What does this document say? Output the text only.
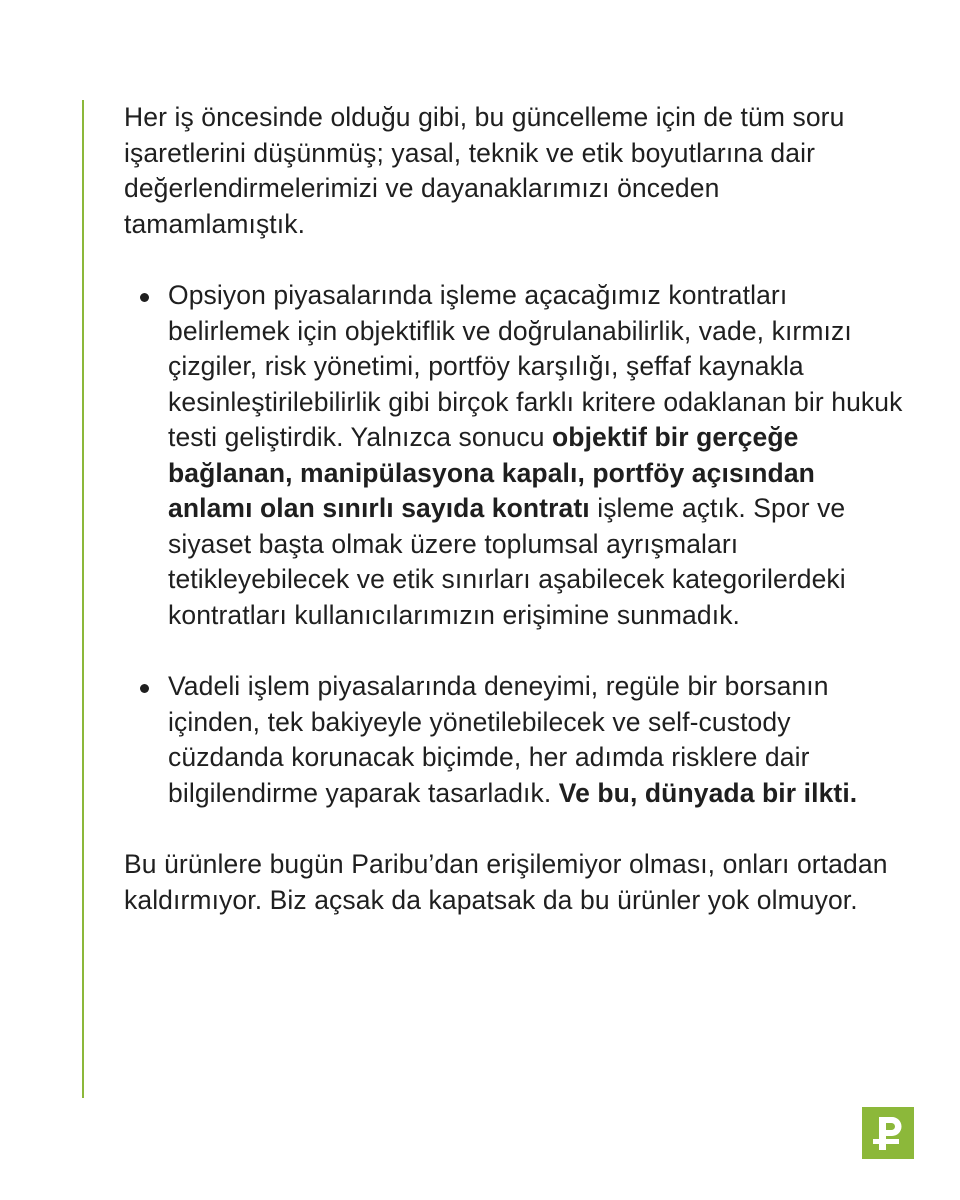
Her iş öncesinde olduğu gibi, bu güncelleme için de tüm soru işaretlerini düşünmüş; yasal, teknik ve etik boyutlarına dair değerlendirmelerimizi ve dayanaklarımızı önceden tamamlamıştık.

Opsiyon piyasalarında işleme açacağımız kontratları belirlemek için objektiflik ve doğrulanabilirlik, vade, kırmızı çizgiler, risk yönetimi, portföy karşılığı, şeffaf kaynakla kesinleştirilebilirlik gibi birçok farklı kritere odaklanan bir hukuk testi geliştirdik. Yalnızca sonucu objektif bir gerçeğe bağlanan, manipülasyona kapalı, portföy açısından anlamı olan sınırlı sayıda kontratı işleme açtık. Spor ve siyaset başta olmak üzere toplumsal ayrışmaları tetikleyebilecek ve etik sınırları aşabilecek kategorilerdeki kontratları kullanıcılarımızın erişimine sunmadık.
Vadeli işlem piyasalarında deneyimi, regüle bir borsanın içinden, tek bakiyeyle yönetilebilecek ve self-custody cüzdanda korunacak biçimde, her adımda risklere dair bilgilendirme yaparak tasarladık. Ve bu, dünyada bir ilkti.

Bu ürünlere bugün Paribu’dan erişilemiyor olması, onları ortadan kaldırmıyor. Biz açsak da kapatsak da bu ürünler yok olmuyor.
